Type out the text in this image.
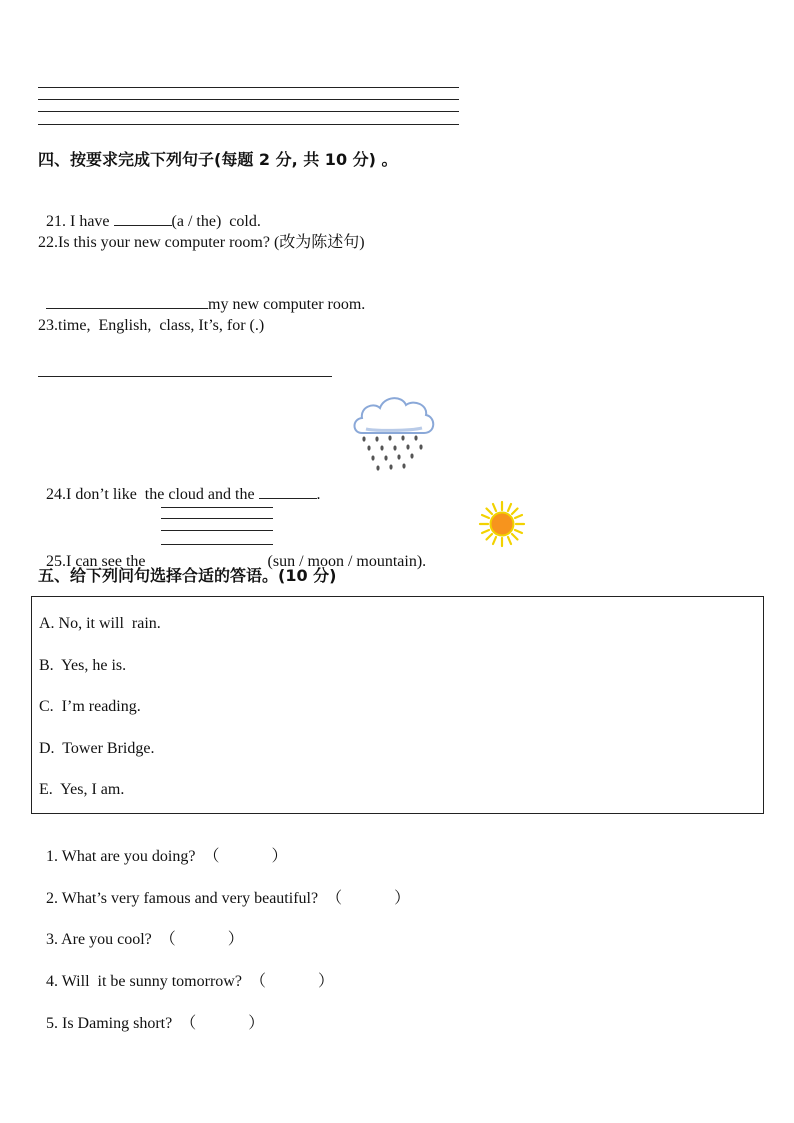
四、按要求完成下列句子(每题 2 分, 共 10 分) 。

21. I have	(a / the)  cold.

22.Is this your new computer room? (改为陈述句)

my new computer room.

23.time,  English,  class, It’s, for (.)

24.I don’t like  the cloud and the	.

25.I can see the	(sun / moon / mountain).

五、给下列问句选择合适的答语。(10 分)
A. No, it will  rain.
B.  Yes, he is.
C.  I’m reading.
D.  Tower Bridge.
E.  Yes, I am.

1. What are you doing? （	）

2. What’s very famous and very beautiful? （	）

3. Are you cool? （	）

4. Will  it be sunny tomorrow? （	）

5. Is Daming short? （	）
